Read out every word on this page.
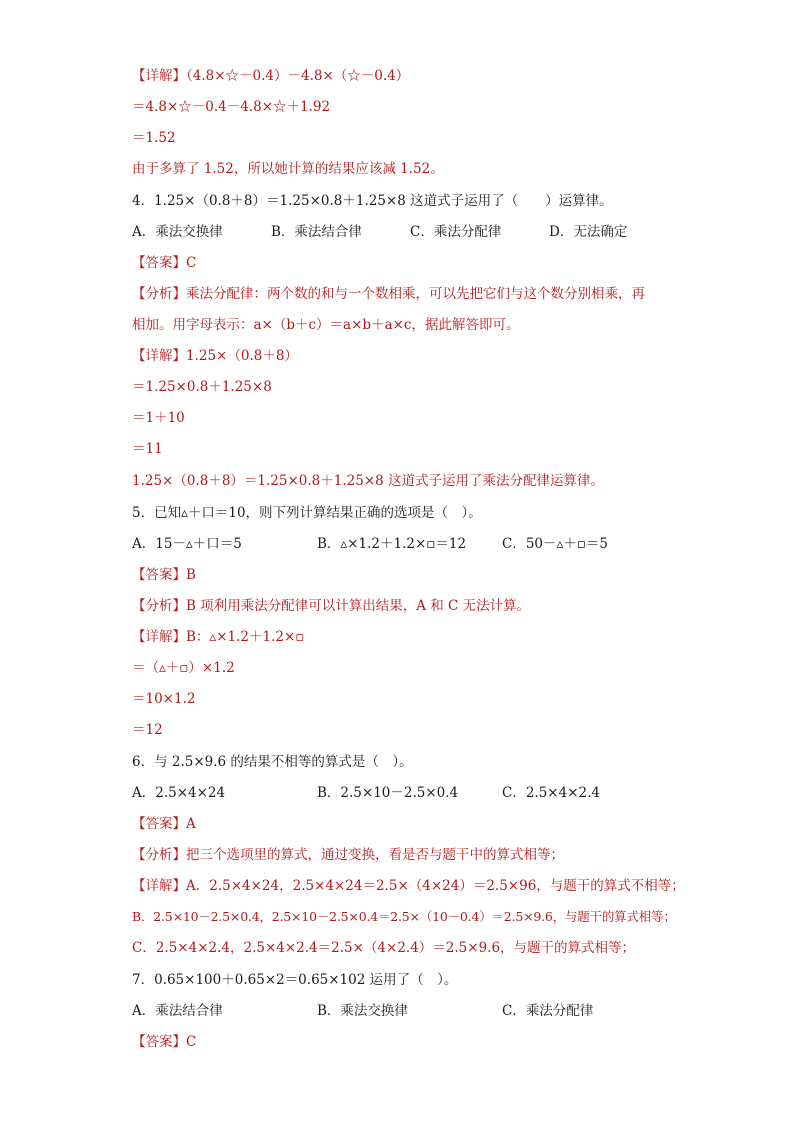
【详解】（4.8×☆－0.4）－4.8×（☆－0.4）
＝4.8×☆－0.4－4.8×☆＋1.92
＝1.52
由于多算了 1.52，所以她计算的结果应该减 1.52。
4．1.25×（0.8＋8）＝1.25×0.8＋1.25×8 这道式子运用了（　　）运算律。
A．乘法交换律	B．乘法结合律	C．乘法分配律	D．无法确定
【答案】C
【分析】乘法分配律：两个数的和与一个数相乘，可以先把它们与这个数分别相乘，再
相加。用字母表示：a×（b＋c）＝a×b＋a×c，据此解答即可。
【详解】1.25×（0.8＋8）
＝1.25×0.8＋1.25×8
＝1＋10
＝11
1.25×（0.8＋8）＝1.25×0.8＋1.25×8 这道式子运用了乘法分配律运算律。
5．已知▵＋口＝10，则下列计算结果正确的选项是（　）。
A．15－▵＋口＝5	B．▵×1.2＋1.2×▫＝12	C．50－▵＋▫＝5
【答案】B
【分析】B 项利用乘法分配律可以计算出结果，A 和 C 无法计算。
【详解】B：▵×1.2＋1.2×▫
＝（▵＋▫）×1.2
＝10×1.2
＝12
6．与 2.5×9.6 的结果不相等的算式是（　）。
A．2.5×4×24	B．2.5×10－2.5×0.4	C．2.5×4×2.4
【答案】A
【分析】把三个选项里的算式，通过变换，看是否与题干中的算式相等；
【详解】A．2.5×4×24，2.5×4×24＝2.5×（4×24）＝2.5×96，与题干的算式不相等；
B．2.5×10－2.5×0.4，2.5×10－2.5×0.4＝2.5×（10－0.4）＝2.5×9.6，与题干的算式相等；
C．2.5×4×2.4，2.5×4×2.4＝2.5×（4×2.4）＝2.5×9.6，与题干的算式相等；
7．0.65×100＋0.65×2＝0.65×102 运用了（　）。
A．乘法结合律	B．乘法交换律	C．乘法分配律
【答案】C
